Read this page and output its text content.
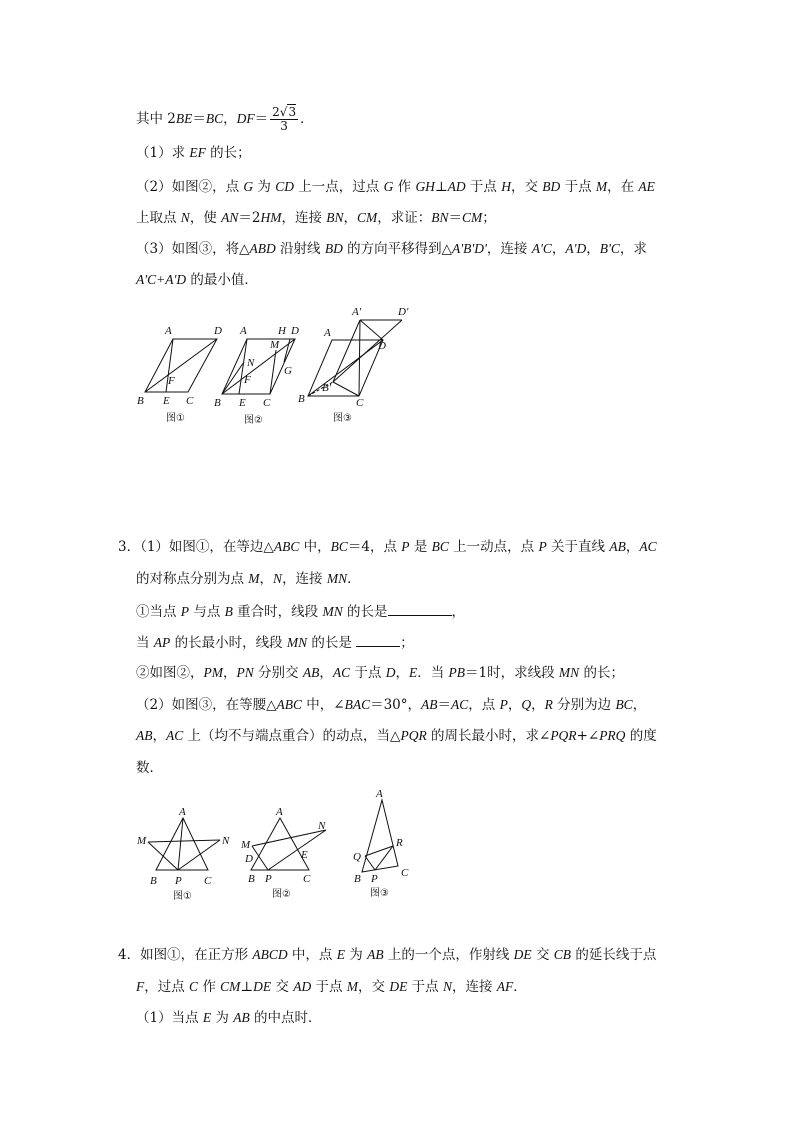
其中 2BE＝BC，$DF= \frac{2√3}{3}$ ．
（1）求 EF 的长；
（2）如图②，点 G 为 CD 上一点，过点 G 作 GH⊥AD 于点 H，交 BD 于点 M，在 AE
上取点 N，使 AN＝2HM，连接 BN，CM，求证：BN＝CM；
（3）如图③，将△ABD 沿射线 BD 的方向平移得到△A'B'D'，连接 A'C，A'D，B'C，求
A'C+A'D 的最小值．
A	D
B E C
F
图①
A	H D
M
N
G
F
B E C
图②
A′	D′
A
D
B′
B	C
图③
3．（1）如图①，在等边△ABC 中，BC＝4，点 P 是 BC 上一动点，点 P 关于直线 AB，AC
的对称点分别为点 M，N，连接 MN．
①当点 P 与点 B 重合时，线段 MN 的长是	，
当 AP 的长最小时，线段 MN 的长是	；
②如图②，PM，PN 分别交 AB，AC 于点 D，E．当 PB＝1时，求线段 MN 的长；
（2）如图③，在等腰△ABC 中，∠BAC＝30°，AB＝AC，点 P，Q，R 分别为边 BC，
AB，AC 上（均不与端点重合）的动点，当△PQR 的周长最小时，求∠PQR+∠PRQ 的度
数．
A
M	N
B P C
图①
A
N
M
D	E
B P	C
图②
A
Q
R
B P C
图③
4．如图①，在正方形 ABCD 中，点 E 为 AB 上的一个点，作射线 DE 交 CB 的延长线于点
F，过点 C 作 CM⊥DE 交 AD 于点 M，交 DE 于点 N，连接 AF．
（1）当点 E 为 AB 的中点时．
